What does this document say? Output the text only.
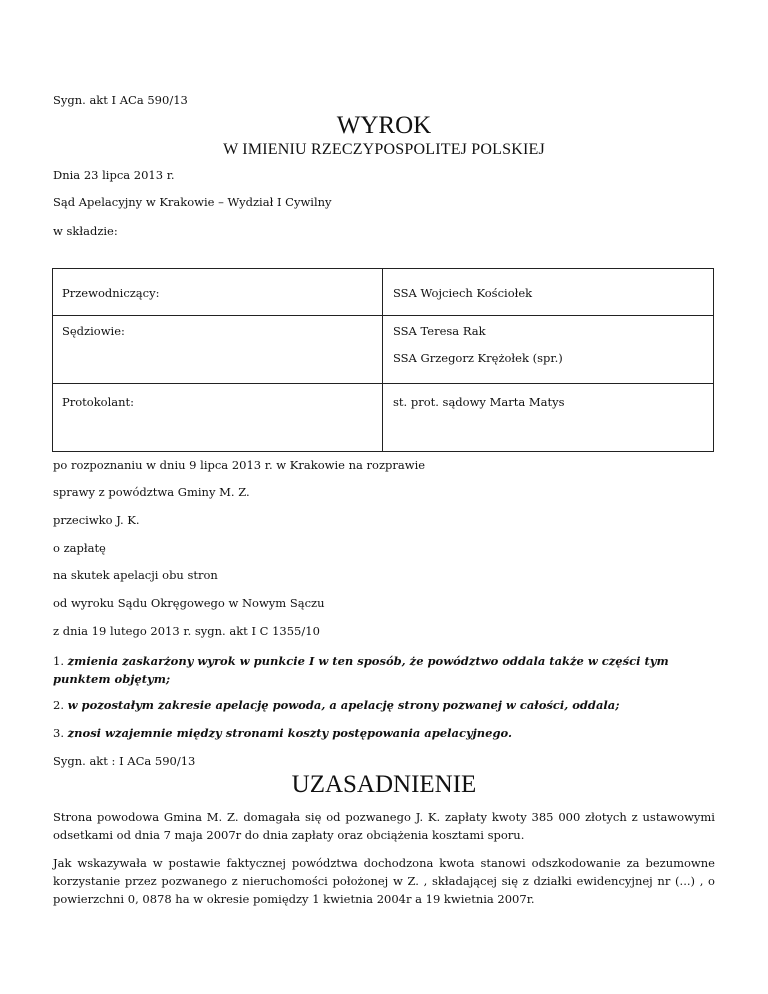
Sygn. akt I ACa 590/13
WYROK
W IMIENIU RZECZYPOSPOLITEJ POLSKIEJ
Dnia 23 lipca 2013 r.
Sąd Apelacyjny w Krakowie – Wydział I Cywilny
w składzie:
Przewodniczący:	SSA Wojciech Kościołek
Sędziowie:	SSA Teresa Rak
SSA Grzegorz Krężołek (spr.)
Protokolant:	st. prot. sądowy Marta Matys
po rozpoznaniu w dniu 9 lipca 2013 r. w Krakowie na rozprawie
sprawy z powództwa Gminy M. Z.
przeciwko J. K.
o zapłatę
na skutek apelacji obu stron
od wyroku Sądu Okręgowego w Nowym Sączu
z dnia 19 lutego 2013 r. sygn. akt I C 1355/10
1. zmienia zaskarżony wyrok w punkcie I w ten sposób, że powództwo oddala także w części tym punktem objętym;
2. w pozostałym zakresie apelację powoda, a apelację strony pozwanej w całości, oddala;
3. znosi wzajemnie między stronami koszty postępowania apelacyjnego.
Sygn. akt : I ACa 590/13
UZASADNIENIE
Strona powodowa Gmina M. Z. domagała się od pozwanego J. K. zapłaty kwoty 385 000 złotych z ustawowymi odsetkami od dnia 7 maja 2007r do dnia zapłaty oraz obciążenia kosztami sporu.
Jak wskazywała w postawie faktycznej powództwa dochodzona kwota stanowi odszkodowanie za bezumowne korzystanie przez pozwanego z nieruchomości położonej w Z. , składającej się z działki ewidencyjnej nr (...) , o powierzchni 0, 0878 ha w okresie pomiędzy 1 kwietnia 2004r a 19 kwietnia 2007r.
